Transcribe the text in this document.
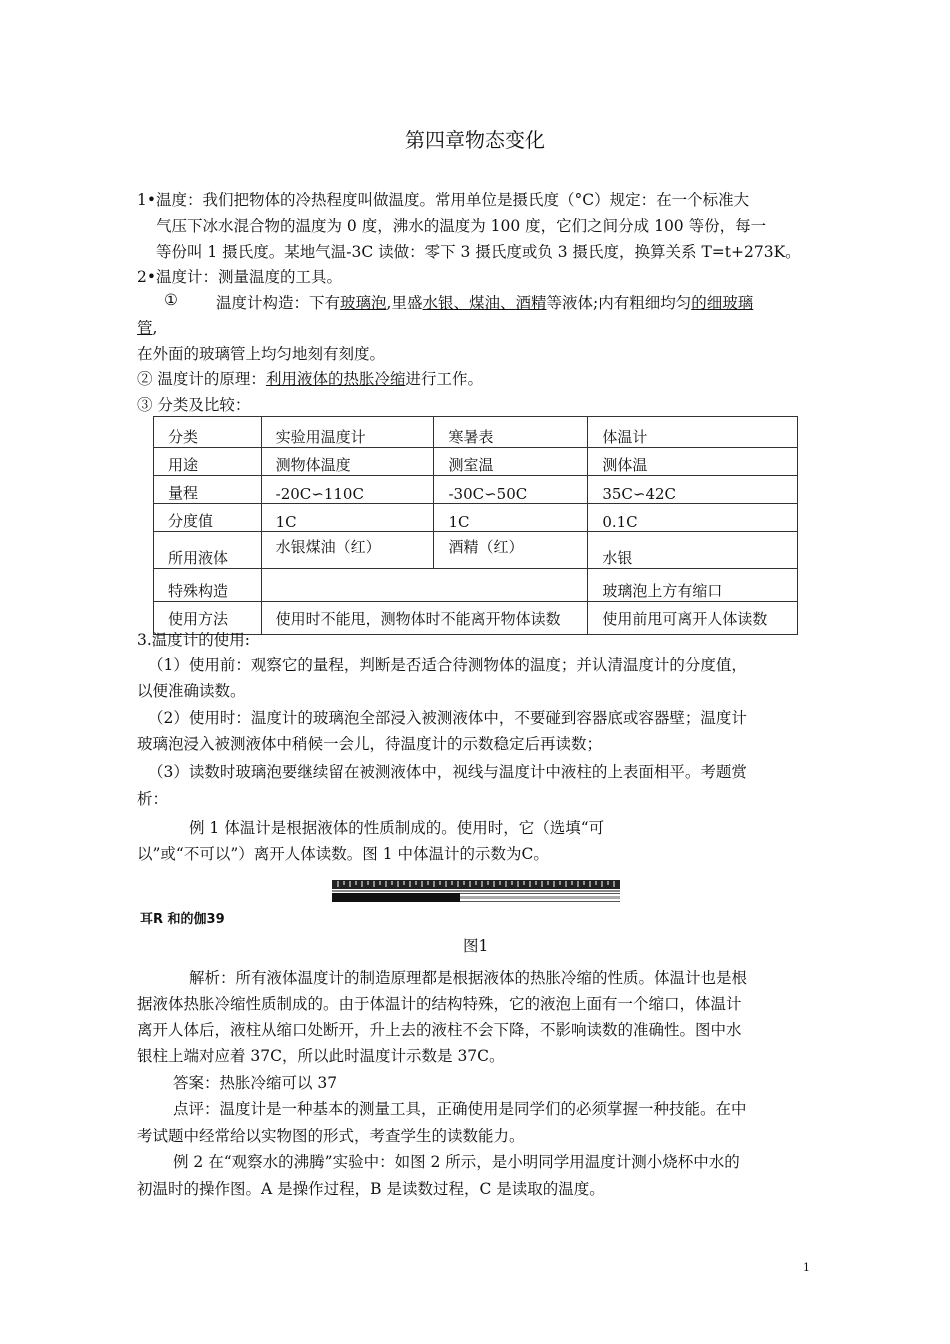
第四章物态变化
1•温度：我们把物体的冷热程度叫做温度。常用单位是摄氏度（°C）规定：在一个标准大
气压下冰水混合物的温度为 0 度，沸水的温度为 100 度，它们之间分成 100 等份，每一
等份叫 1 摄氏度。某地气温-3C 读做：零下 3 摄氏度或负 3 摄氏度，换算关系 T=t+273K。
2•温度计：测量温度的工具。
① 温度计构造：下有玻璃泡,里盛水银、煤油、酒精等液体;内有粗细均匀的细玻璃
管,
在外面的玻璃管上均匀地刻有刻度。
② 温度计的原理：利用液体的热胀冷缩进行工作。
③ 分类及比较：
分类	实验用温度计	寒暑表	体温计
用途	测物体温度	测室温	测体温
量程	-20C∽110C	-30C∽50C	35C∽42C
分度值	1C	1C	0.1C
所用液体	水银煤油（红）	酒精（红）	水银
特殊构造			玻璃泡上方有缩口
使用方法	使用时不能甩，测物体时不能离开物体读数		使用前甩可离开人体读数
3.温度计的使用:
（1）使用前：观察它的量程，判断是否适合待测物体的温度；并认清温度计的分度值，
以便准确读数。
（2）使用时：温度计的玻璃泡全部浸入被测液体中，不要碰到容器底或容器壁；温度计
玻璃泡浸入被测液体中稍候一会儿，待温度计的示数稳定后再读数；
（3）读数时玻璃泡要继续留在被测液体中，视线与温度计中液柱的上表面相平。考题赏
析：
例 1 体温计是根据液体的性质制成的。使用时，它（选填“可
以”或“不可以”）离开人体读数。图 1 中体温计的示数为C。
耳R 和的伽39
图1
解析：所有液体温度计的制造原理都是根据液体的热胀冷缩的性质。体温计也是根
据液体热胀冷缩性质制成的。由于体温计的结构特殊，它的液泡上面有一个缩口，体温计
离开人体后，液柱从缩口处断开，升上去的液柱不会下降，不影响读数的准确性。图中水
银柱上端对应着 37C，所以此时温度计示数是 37C。
答案：热胀冷缩可以 37
点评：温度计是一种基本的测量工具，正确使用是同学们的必须掌握一种技能。在中
考试题中经常给以实物图的形式，考查学生的读数能力。
例 2 在“观察水的沸腾”实验中：如图 2 所示，是小明同学用温度计测小烧杯中水的
初温时的操作图。A 是操作过程，B 是读数过程，C 是读取的温度。
1
